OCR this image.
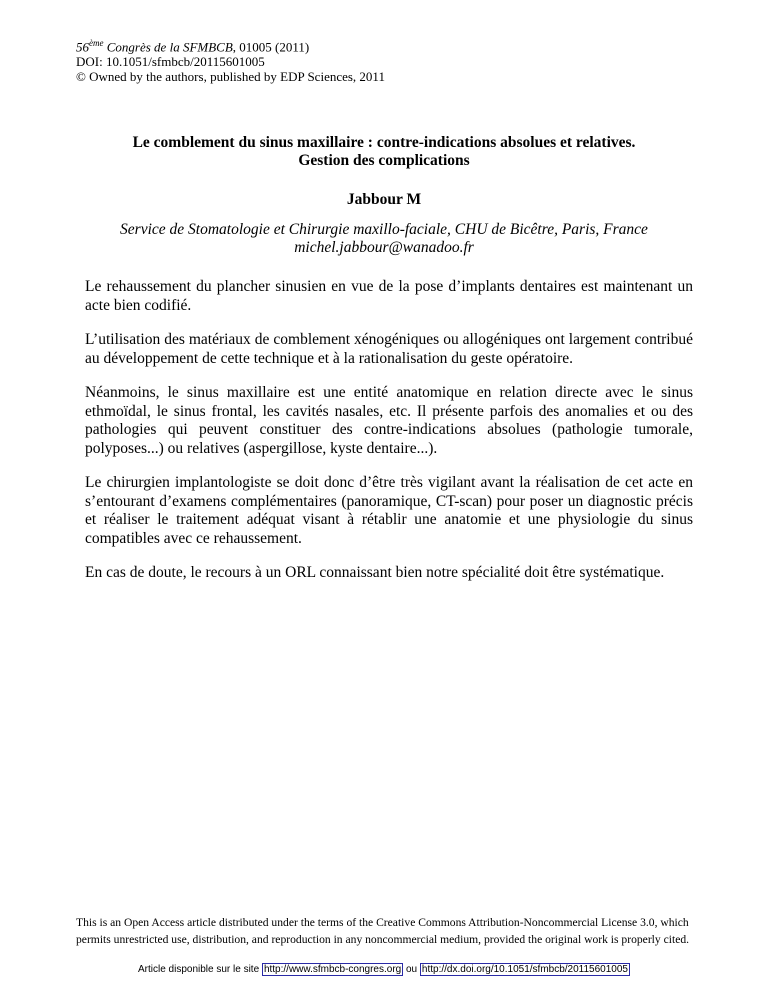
56ème Congrès de la SFMBCB, 01005 (2011)
DOI: 10.1051/sfmbcb/20115601005
© Owned by the authors, published by EDP Sciences, 2011
Le comblement du sinus maxillaire : contre-indications absolues et relatives.
Gestion des complications
Jabbour M
Service de Stomatologie et Chirurgie maxillo-faciale, CHU de Bicêtre, Paris, France
michel.jabbour@wanadoo.fr

Le rehaussement du plancher sinusien en vue de la pose d’implants dentaires est maintenant un acte bien codifié.

L’utilisation des matériaux de comblement xénogéniques ou allogéniques ont largement contribué au développement de cette technique et à la rationalisation du geste opératoire.

Néanmoins, le sinus maxillaire est une entité anatomique en relation directe avec le sinus ethmoïdal, le sinus frontal, les cavités nasales, etc. Il présente parfois des anomalies et ou des pathologies qui peuvent constituer des contre-indications absolues (pathologie tumorale, polyposes...) ou relatives (aspergillose, kyste dentaire...).

Le chirurgien implantologiste se doit donc d’être très vigilant avant la réalisation de cet acte en s’entourant d’examens complémentaires (panoramique, CT-scan) pour poser un diagnostic précis et réaliser le traitement adéquat visant à rétablir une anatomie et une physiologie du sinus compatibles avec ce rehaussement.

En cas de doute, le recours à un ORL connaissant bien notre spécialité doit être systématique.

This is an Open Access article distributed under the terms of the Creative Commons Attribution-Noncommercial License 3.0, which permits unrestricted use, distribution, and reproduction in any noncommercial medium, provided the original work is properly cited.
Article disponible sur le site http://www.sfmbcb-congres.org ou http://dx.doi.org/10.1051/sfmbcb/20115601005
